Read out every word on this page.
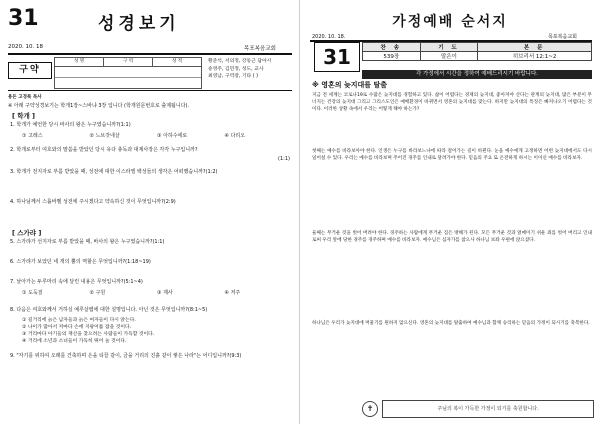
31	성경보기
2020. 10. 18	목포복음교회
구약
성 명	구 역	성 적	황준석, 서의정, 강동근 담아시
송영주, 김민정, 성도, 교사
최영남, 구역장, 기타 ( )
용돈 고경록 목사
※ 아래 구약성경보기는 학개1장~스바냐 3장 입니다 (학개원문번호로 출제됩니다).
[ 학개 ]
1. 학개가 예언한 당시 바사의 왕은 누구였습니까?(1:1)
① 고레스	② 느브갓네살	③ 아하수에로	④ 다리오
2. 학개로부터 여호와의 말씀을 받았던 당시 유다 총독과 대제사장은 각각 누구입니까?
(1:1)
3. 학개가 전지자로 부름 받았을 때, 성전에 대한 이스라엘 백성들의 생각은 어떠했습니까?(1:2)
4. 하나님께서 스룹바벨 성전에 주시겠다고 약속하신 것이 무엇입니까?(2:9)
[ 스가랴 ]
5. 스가랴가 선지자로 부름 받았을 때, 바사의 왕은 누구였습니까?(1:1)
6. 스가랴가 보았던 네 개의 뿔의 역할은 무엇입니까?(1:18~19)
7. 날아가는 두루마리 속에 달린 내용은 무엇입니까?(5:1~4)
① 도둑질	② 구원	③ 제사	④ 저주
8. 다음은 여호와께서 거하실 예루살렘에 대한 설명입니다. 아닌 것은 무엇입니까?(8:1~5)
① 길거리에 늙은 남자들과 늙은 여자들이 다시 앉는다.
② 나이가 많아서 저마다 손에 지팡이를 잡을 것이다.
③ 거리마다 아기들의 재산을 찾으려는 사람들이 가득할 것이다.
④ 거리에 소년과 소녀들이 가득히 뛰어 놀 것이다.
9. "자기를 위하여 오래를 건축하며 은을 티끌 같이, 금을 거리의 진흙 같이 쌓은 나라"는 어디입니까?(9:3)
가정예배 순서지
2020. 10. 18.	목포복음교회
31	찬 송	기 도	본 문
539장	말은이	히브리서 12:1~2
각 가정에서 시간을 정하여 예배드리시기 바랍니다.
※ 영혼의 늦지대를 탈출

지금 전 세계는 코로나19로 수많은 늦지대를 경험하고 있다. 삶이 어렵다는 경제의 늦지대, 좋아져야 산다는 관계의 늦지대, 많은 부분이 무너지는 건강의 늦지대 그리고 그리스도인은 예배환경이 바뀌면서 영혼의 늦지대를 맞는다. 하지만 늦지대의 특징은 빠져나오기 어렵다는 것이다. 이러한 상황 속에서 우리는 어떻게 해야 하는가?

첫째는 예수를 바라보아야 한다. 인생은 누구를 바라보느냐에 따라 걸어가는 길이 바뀐다. 눈을 예수에게 고정하면 어떤 늦지대에서도 다시 일어설 수 있다. 우리는 예수를 바라보며 주어진 경주를 인내로 달려가야 한다. 믿음의 주요 또 온전하게 하시는 이이신 예수를 바라보자.

둘째는 무거운 것을 벗어 버려야 한다. 경주하는 사람에게 무거운 짐은 방해가 된다. 모든 무거운 것과 얽매이기 쉬운 죄를 벗어 버리고 인내로써 우리 앞에 당한 경주를 경주하며 예수를 바라보자. 예수님은 십자가를 참으사 하나님 보좌 우편에 앉으셨다.

하나님은 우리가 늦지대에 머물기를 원하지 않으신다. 영혼의 늦지대를 탈출하여 예수님과 함께 승리하는 믿음의 가정이 되시기를 축복한다.

✝	주님의 복이 가득한 가정이 되기를 축원합니다.
